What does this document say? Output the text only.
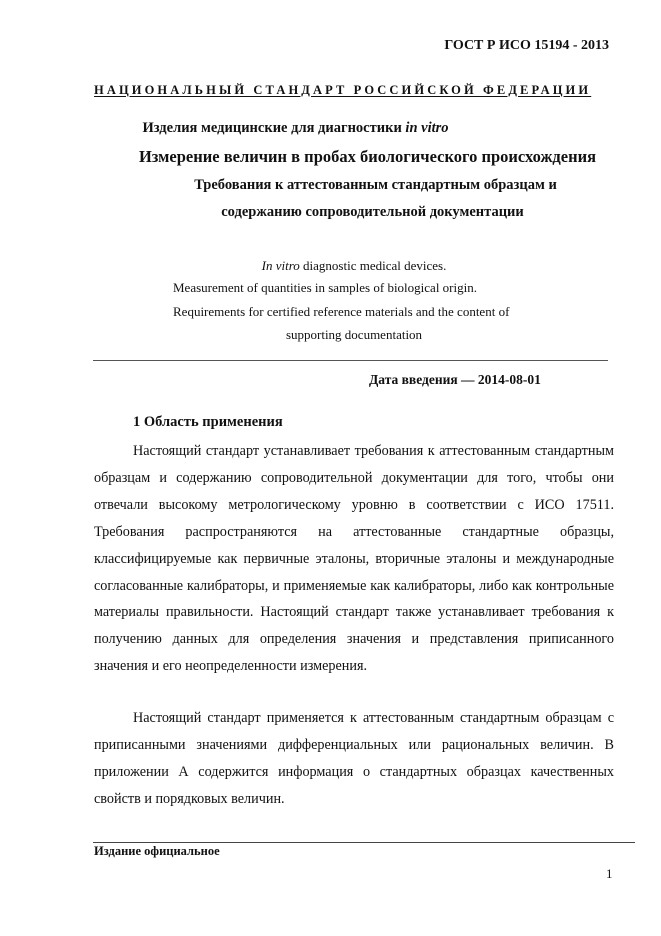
ГОСТ Р ИСО 15194 - 2013
НАЦИОНАЛЬНЫЙ СТАНДАРТ РОССИЙСКОЙ ФЕДЕРАЦИИ
Изделия медицинские для диагностики in vitro
Измерение величин в пробах биологического происхождения
Требования к аттестованным стандартным образцам и
содержанию сопроводительной документации
In vitro diagnostic medical devices.
Measurement of quantities in samples of biological origin.
Requirements for certified reference materials and the content of
supporting documentation
Дата введения — 2014-08-01
1 Область применения
Настоящий стандарт устанавливает требования к аттестованным стандартным образцам и содержанию сопроводительной документации для того, чтобы они отвечали высокому метрологическому уровню в соответствии с ИСО 17511. Требования распространяются на аттестованные стандартные образцы, классифицируемые как первичные эталоны, вторичные эталоны и международные согласованные калибраторы, и применяемые как калибраторы, либо как контрольные материалы правильности. Настоящий стандарт также устанавливает требования к получению данных для определения значения и представления приписанного значения и его неопределенности измерения.
Настоящий стандарт применяется к аттестованным стандартным образцам с приписанными значениями дифференциальных или рациональных величин. В приложении А содержится информация о стандартных образцах качественных свойств и порядковых величин.
Издание официальное
1
